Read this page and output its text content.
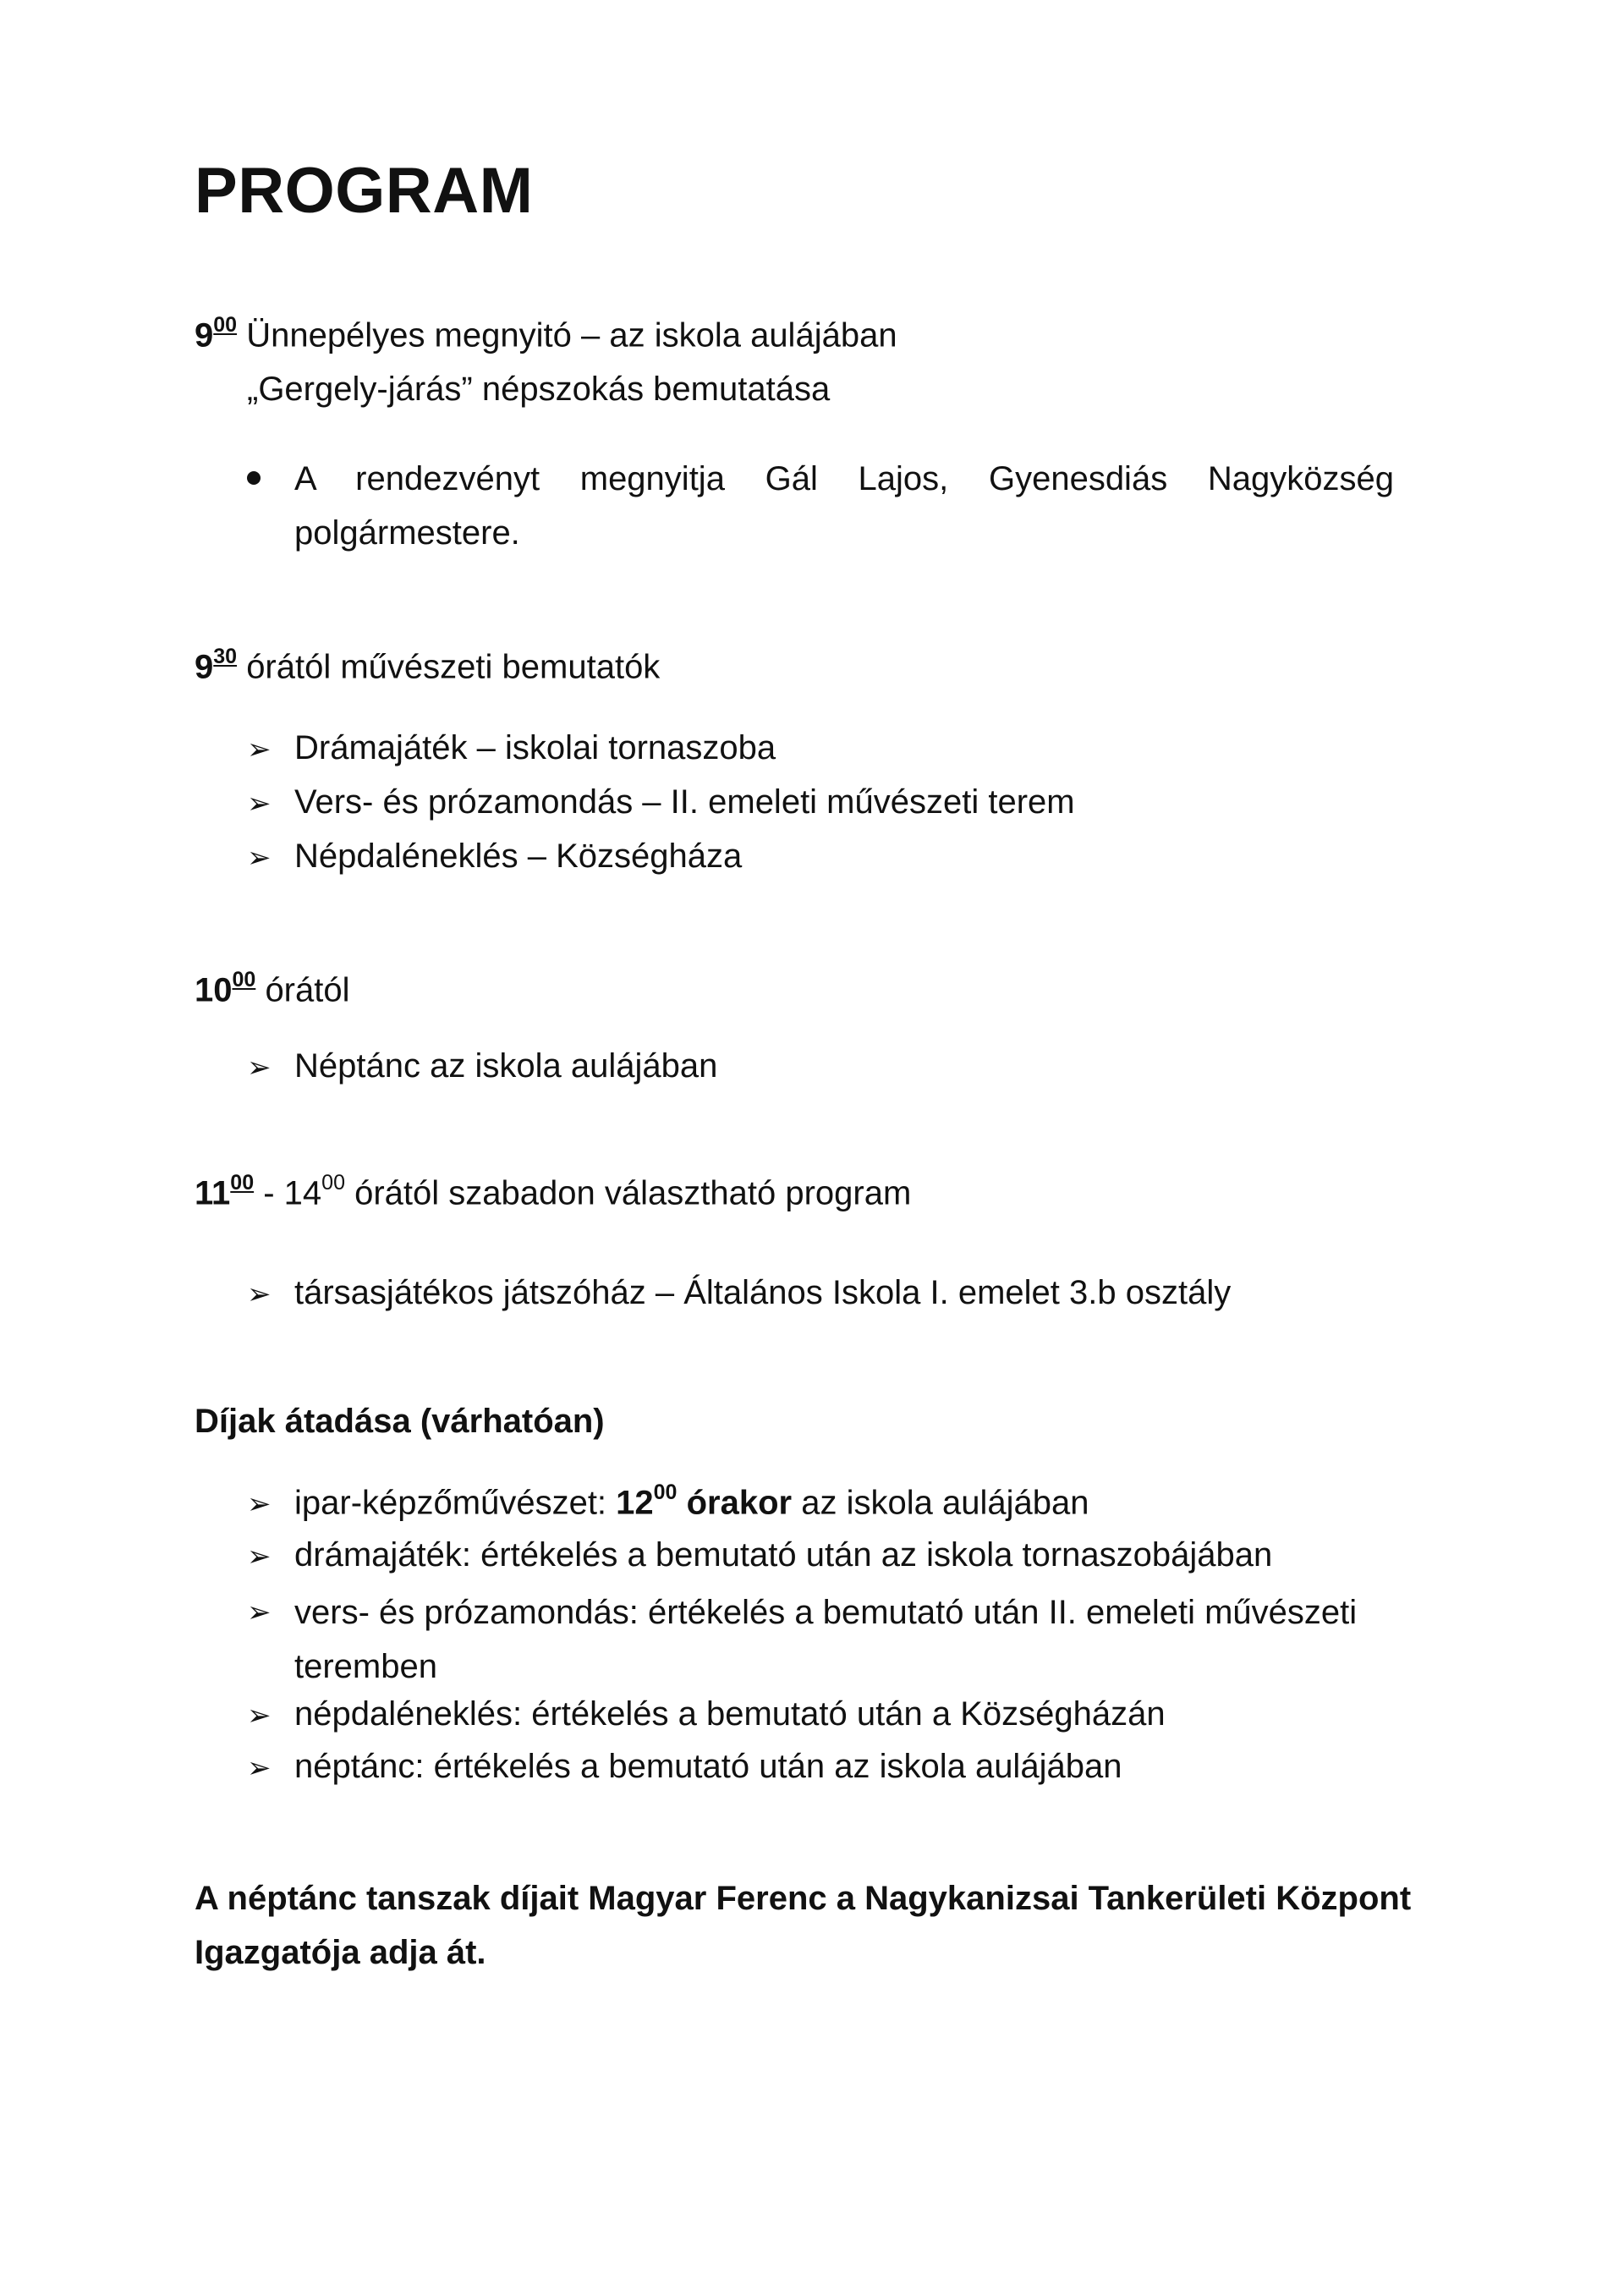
PROGRAM
$9^{00}$ Ünnepélyes megnyitó – az iskola aulájában
„Gergely-járás” népszokás bemutatása
A rendezvényt megnyitja Gál Lajos, Gyenesdiás Nagyközség
polgármestere.
$9^{30}$ órától művészeti bemutatók
➢ Drámajáték – iskolai tornaszoba
➢ Vers- és prózamondás – II. emeleti művészeti terem
➢ Népdaléneklés – Községháza
$10^{00}$ órától
➢ Néptánc az iskola aulájában
$11^{00} - 14^{00}$ órától szabadon választható program
➢ társasjátékos játszóház – Általános Iskola I. emelet 3.b osztály
Díjak átadása (várhatóan)
➢ ipar-képzőművészet: $12^{00}$ órakor az iskola aulájában
➢ drámajáték: értékelés a bemutató után az iskola tornaszobájában
➢ vers- és prózamondás: értékelés a bemutató után II. emeleti művészeti teremben
➢ népdaléneklés: értékelés a bemutató után a Községházán
➢ néptánc: értékelés a bemutató után az iskola aulájában
A néptánc tanszak díjait Magyar Ferenc a Nagykanizsai Tankerületi Központ Igazgatója adja át.
